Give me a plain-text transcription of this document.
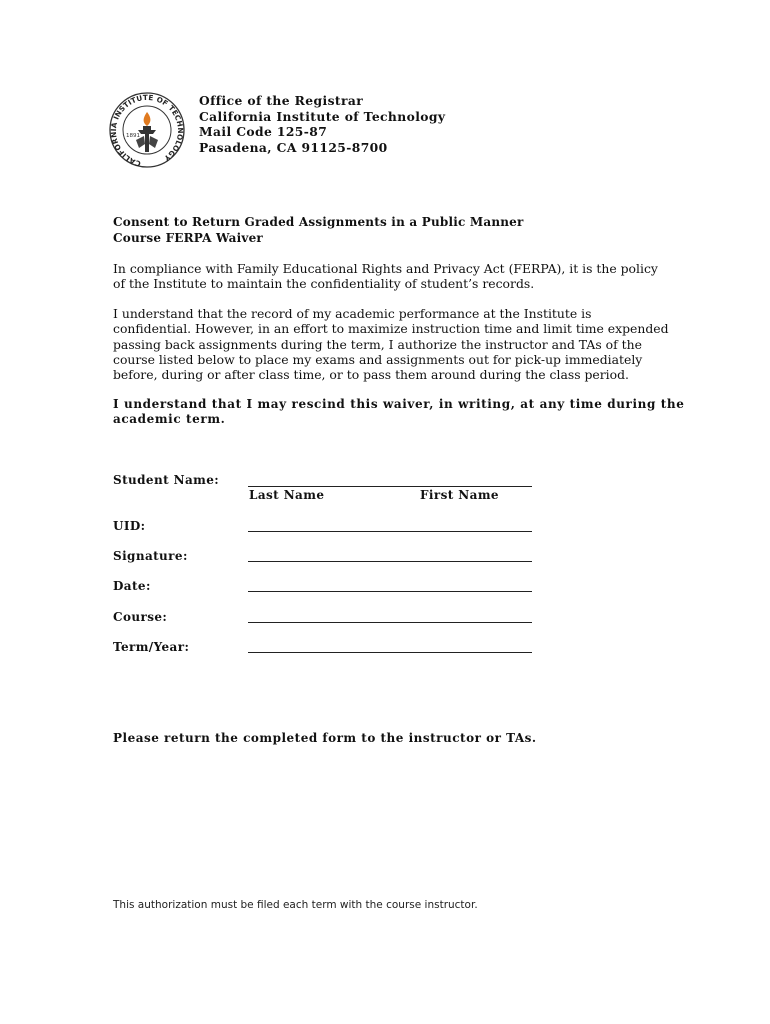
CALIFORNIA INSTITUTE OF TECHNOLOGY
1891
Office of the Registrar
California Institute of Technology
Mail Code 125-87
Pasadena, CA 91125-8700
Consent to Return Graded Assignments in a Public Manner
Course FERPA Waiver
In compliance with Family Educational Rights and Privacy Act (FERPA), it is the policy
of the Institute to maintain the confidentiality of student’s records.
I understand that the record of my academic performance at the Institute is
confidential. However, in an effort to maximize instruction time and limit time expended
passing back assignments during the term, I authorize the instructor and TAs of the
course listed below to place my exams and assignments out for pick-up immediately
before, during or after class time, or to pass them around during the class period.
I understand that I may rescind this waiver, in writing, at any time during the
academic term.
Student Name:
Last Name	First Name
UID:
Signature:
Date:
Course:
Term/Year:
Please return the completed form to the instructor or TAs.
This authorization must be filed each term with the course instructor.
